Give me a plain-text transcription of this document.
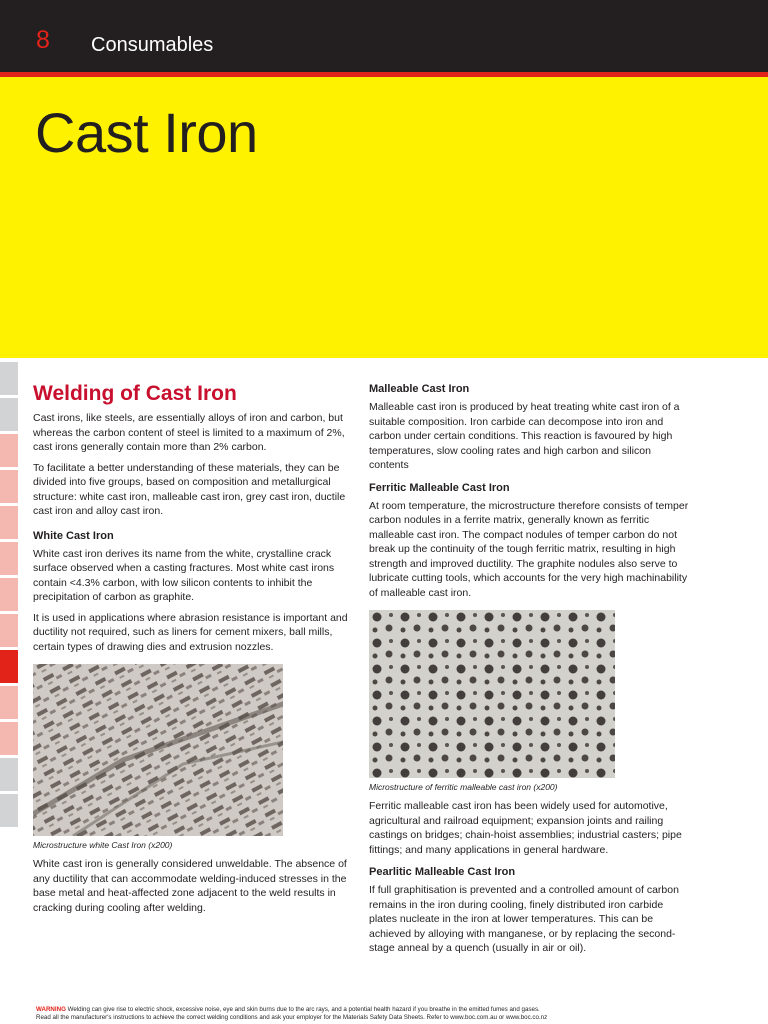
8 Consumables
Cast Iron
Welding of Cast Iron

Cast irons, like steels, are essentially alloys of iron and carbon, but whereas the carbon content of steel is limited to a maximum of 2%, cast irons generally contain more than 2% carbon.

To facilitate a better understanding of these materials, they can be divided into five groups, based on composition and metallurgical structure: white cast iron, malleable cast iron, grey cast iron, ductile cast iron and alloy cast iron.

White Cast Iron

White cast iron derives its name from the white, crystalline crack surface observed when a casting fractures. Most white cast irons contain <4.3% carbon, with low silicon contents to inhibit the precipitation of carbon as graphite.

It is used in applications where abrasion resistance is important and ductility not required, such as liners for cement mixers, ball mills, certain types of drawing dies and extrusion nozzles.

Microstructure white Cast Iron (x200)

White cast iron is generally considered unweldable. The absence of any ductility that can accommodate welding-induced stresses in the base metal and heat-affected zone adjacent to the weld results in cracking during cooling after welding.

Malleable Cast Iron

Malleable cast iron is produced by heat treating white cast iron of a suitable composition. Iron carbide can decompose into iron and carbon under certain conditions. This reaction is favoured by high temperatures, slow cooling rates and high carbon and silicon contents

Ferritic Malleable Cast Iron

At room temperature, the microstructure therefore consists of temper carbon nodules in a ferrite matrix, generally known as ferritic malleable cast iron. The compact nodules of temper carbon do not break up the continuity of the tough ferritic matrix, resulting in high strength and improved ductility. The graphite nodules also serve to lubricate cutting tools, which accounts for the very high machinability of malleable cast iron.

Microstructure of ferritic malleable cast iron (x200)

Ferritic malleable cast iron has been widely used for automotive, agricultural and railroad equipment; expansion joints and railing castings on bridges; chain-hoist assemblies; industrial casters; pipe fittings; and many applications in general hardware.

Pearlitic Malleable Cast Iron

If full graphitisation is prevented and a controlled amount of carbon remains in the iron during cooling, finely distributed iron carbide plates nucleate in the iron at lower temperatures. This can be achieved by alloying with manganese, or by replacing the second-stage anneal by a quench (usually in air or oil).

WARNING Welding can give rise to electric shock, excessive noise, eye and skin burns due to the arc rays, and a potential health hazard if you breathe in the emitted fumes and gases.
Read all the manufacturer's instructions to achieve the correct welding conditions and ask your employer for the Materials Safety Data Sheets. Refer to www.boc.com.au or www.boc.co.nz
